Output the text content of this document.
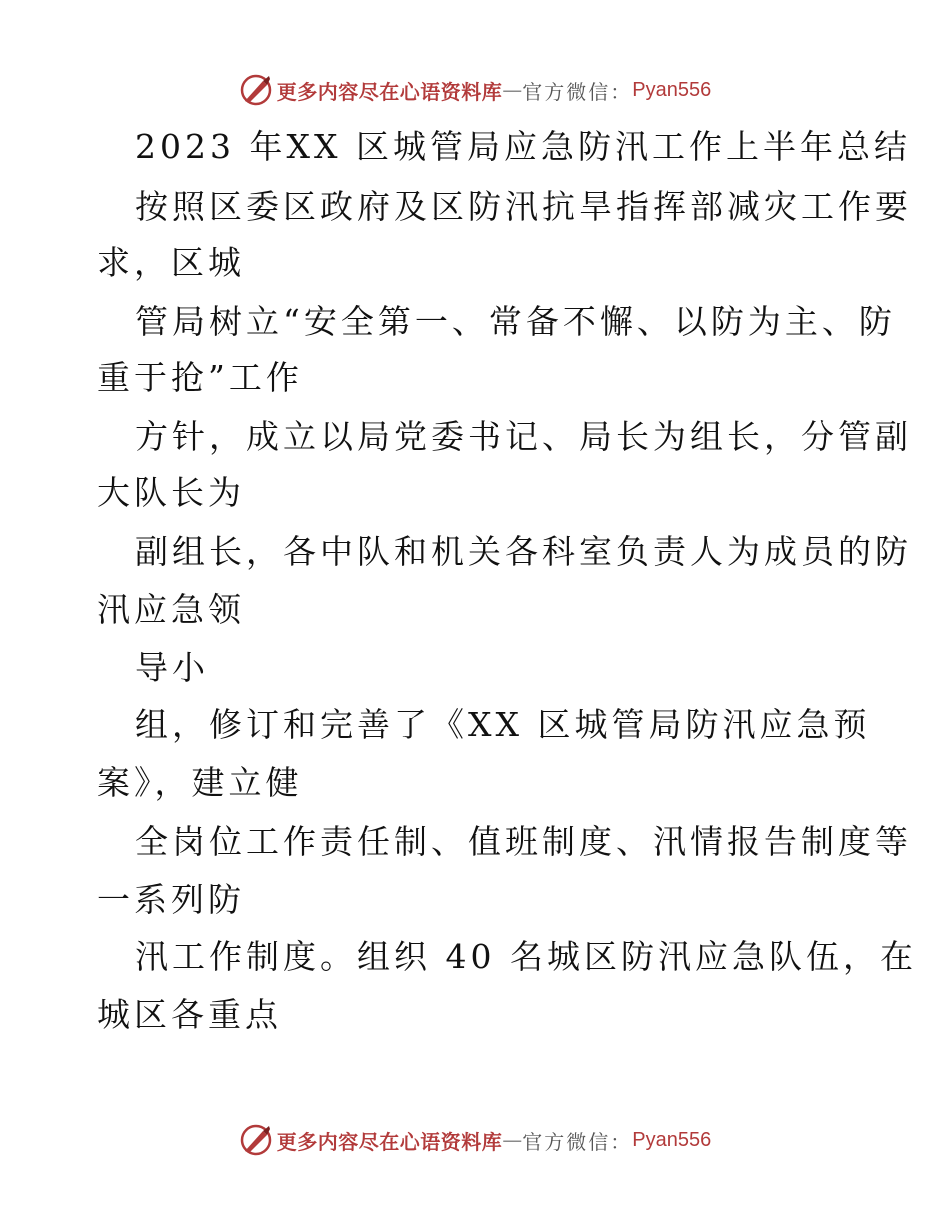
更多内容尽在心语资料库 — 官方微信： Pyan556
2023 年XX 区城管局应急防汛工作上半年总结
按照区委区政府及区防汛抗旱指挥部减灾工作要
求，区城
管局树立“安全第一、常备不懈、以防为主、防
重于抢”工作
方针，成立以局党委书记、局长为组长，分管副
大队长为
副组长，各中队和机关各科室负责人为成员的防
汛应急领
导小
组，修订和完善了《XX 区城管局防汛应急预
案》，建立健
全岗位工作责任制、值班制度、汛情报告制度等
一系列防
汛工作制度。组织 40 名城区防汛应急队伍，在
城区各重点
更多内容尽在心语资料库 — 官方微信： Pyan556
